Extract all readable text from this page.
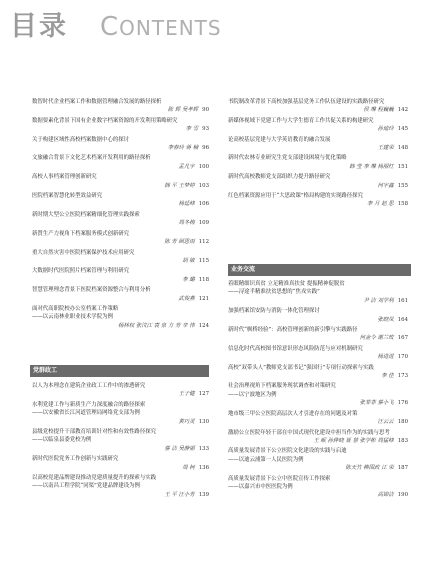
目录 CONTENTS
数智时代企业档案工作和数据管理融合发展的路径探析
陈 辉 吴孝辉 90
数据要素化背景下国有企业数字档案资源的开发利用策略研究
李 雪 93
关于构建区域性高校档案数据中心的探讨
李春玲 蒋 楠 96
文旅融合背景下文化艺术档案开发利用的路径探析
孟凡宇 100
高校人事档案管理创新研究
韩 平 王梦婷 103
医院档案智慧化转型效益研究
杨廷峰 106
新时期大型公立医院档案精细化管理实践探索
周冬梅 109
新質生产力视角下档案服务模式创新研究
陈 芳 顾思雨 112
重大自然灾害中医院档案保护技术应用研究
胡 敏 115
大数据时代医院照片档案管理与利用研究
李 璐 118
智慧管理理念背景下医院档案资源整合与利用分析
武俊燕 121
面对代高职院校办公室档案工作策略
——以云南林业职业技术学院为例
杨林权 张汶江 袁 泉 方 芳 辛 伟 124
党群政工
以人为本理念在建筑企业政工工作中的渗透研究
王子健 127
水利党建工作与新质生产力深度融合的路径探索
——以安徽省长江河道管理局网络党支部为例
黄巧灵 130
县级党校提升干部教育培训针对性和有效性路径探究
——以临泉县委党校为例
蔡 洁 吴静丽 133
新时代医院党务工作创新与实践研究
周 柯 136
以高校党建品牌建设推动党建质量提升的探索与实践
——以南昌工程学院“同渠”党建品牌建设为例
王 平 汪小芳 139
书院制改革背景下高校加强基层党务工作队伍建设的实践路径研究
侯 琳 程巍巍 142
新媒体视域下党建工作与大学生德育工作共促关系的构建研究
孙迪玲 145
论高校基层党建与大学英语教育的融合发展
王建荣 148
新时代农林专业研究生党支部建设困境与优化策略
韩 莹 李 琳 杨丽红 151
新时代高校教师党支部组织力提升路径研究
何宇鑫 155
红色档案资源应用于“大思政课”格局构建的实现路径探究
李 月 赵 思 158
业务交流
着眼精细识真贫 立足精准真扶贫 提振精神促脱贫
——浔途半精准扶贫思想的“焦戎实践”
尹 洁 刘学利 161
加强档案馆安防与消防一体化管理探讨
张晓凤 164
新时代“枫桥经验”：高校管理创新的新引擎与实践路径
何金令 谢兰玫 167
信息化时代高校图书馆意识形态风险防范与应对机制研究
杨进进 170
高校“双带头人”教师党支部书记“强国行”专项行动探索与实践
李 佳 173
社会治理视角下档案服务现状调查和对策研究
——以宁波地区为例
张菲菲 蔡小飞 176
地市级三甲公立医院高层次人才引进存在的问题及对策
汪云云 180
激励公立医院年轻干部在中国式现代化建设中担当作为的实践与思考
王 岷 孙烨晓 聂 慧 张学彬 周猛峰 183
高质量发展背景下公立医院文化建设的实践与启迪
——以迪云浦第一人民医院为例
陈天竹 柳围政 江 荣 187
高质量发展背景下公立中医院宣传工作探索
——以嘉兴市中医医院为例
高锦洁 190
